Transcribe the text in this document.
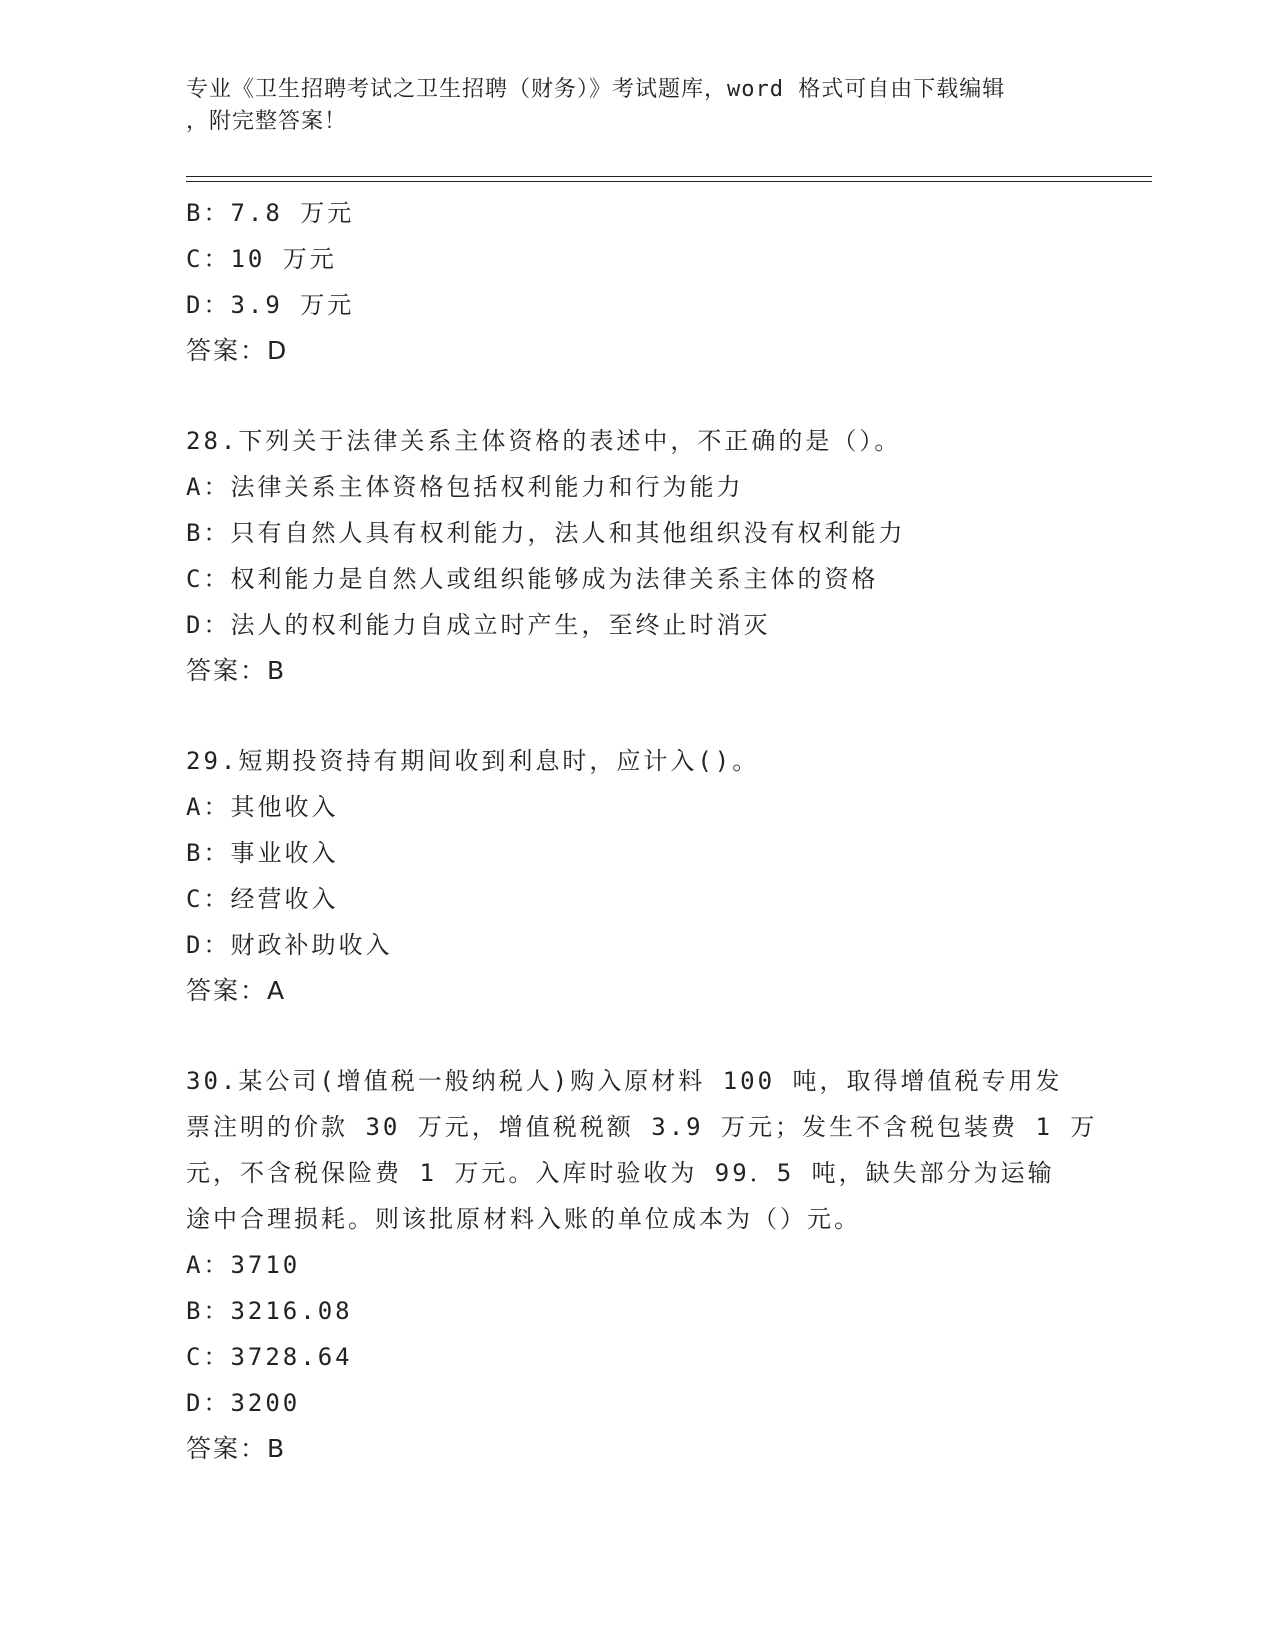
专业《卫生招聘考试之卫生招聘（财务）》考试题库，word 格式可自由下载编辑
，附完整答案！
B：7.8 万元
C：10 万元
D：3.9 万元
答案：D
28.下列关于法律关系主体资格的表述中，不正确的是（）。
A：法律关系主体资格包括权利能力和行为能力
B：只有自然人具有权利能力，法人和其他组织没有权利能力
C：权利能力是自然人或组织能够成为法律关系主体的资格
D：法人的权利能力自成立时产生，至终止时消灭
答案：B
29.短期投资持有期间收到利息时，应计入()。
A：其他收入
B：事业收入
C：经营收入
D：财政补助收入
答案：A
30.某公司(增值税一般纳税人)购入原材料 100 吨，取得增值税专用发
票注明的价款 30 万元，增值税税额 3.9 万元；发生不含税包装费 1 万
元，不含税保险费 1 万元。入库时验收为 99．5 吨，缺失部分为运输
途中合理损耗。则该批原材料入账的单位成本为（）元。
A：3710
B：3216.08
C：3728.64
D：3200
答案：B
